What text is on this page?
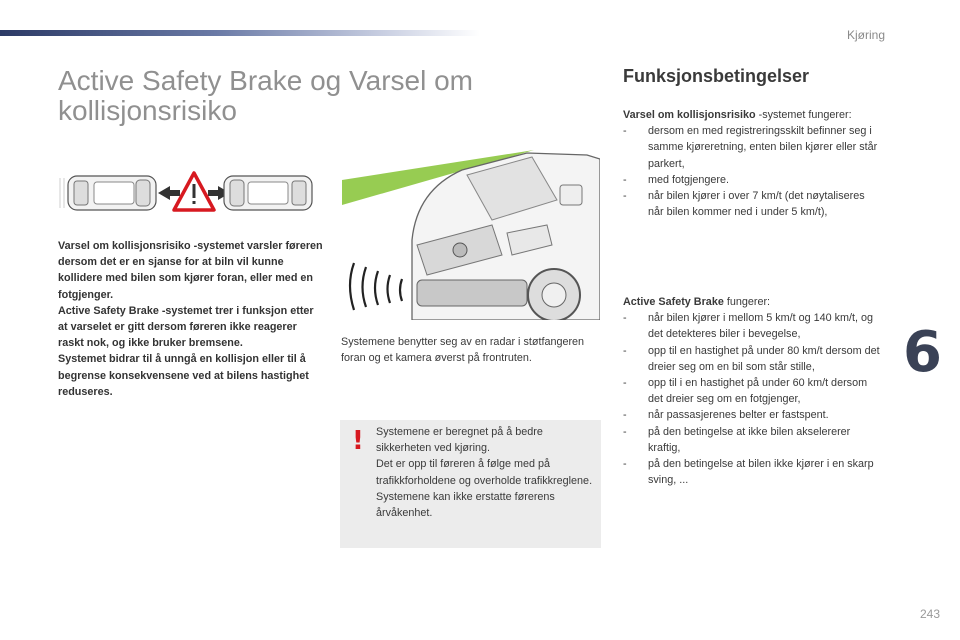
Kjøring
6
243
Active Safety Brake og Varsel om kollisjonsrisiko

Varsel om kollisjonsrisiko -systemet varsler føreren dersom det er en sjanse for at biln vil kunne kollidere med bilen som kjører foran, eller med en fotgjenger.

Active Safety Brake -systemet trer i funksjon etter at varselet er gitt dersom føreren ikke reagerer raskt nok, og ikke bruker bremsene.

Systemet bidrar til å unngå en kollisjon eller til å begrense konsekvensene ved at bilens hastighet reduseres.

Systemene benytter seg av en radar i støtfangeren foran og et kamera øverst på frontruten.

! Systemene er beregnet på å bedre sikkerheten ved kjøring.

Det er opp til føreren å følge med på trafikkforholdene og overholde trafikkreglene.

Systemene kan ikke erstatte førerens årvåkenhet.

Funksjonsbetingelser

Varsel om kollisjonsrisiko -systemet fungerer:

- dersom en med registreringsskilt befinner seg i samme kjøreretning, enten bilen kjører eller står parkert,
- med fotgjengere.
- når bilen kjører i over 7 km/t (det nøytaliseres når bilen kommer ned i under 5 km/t),

Active Safety Brake fungerer:

- når bilen kjører i mellom 5 km/t og 140 km/t, og det detekteres biler i bevegelse,
- opp til en hastighet på under 80 km/t dersom det dreier seg om en bil som står stille,
- opp til i en hastighet på under 60 km/t dersom det dreier seg om en fotgjenger,
- når passasjerenes belter er fastspent.
- på den betingelse at ikke bilen akselererer kraftig,
- på den betingelse at bilen ikke kjører i en skarp sving, ...
